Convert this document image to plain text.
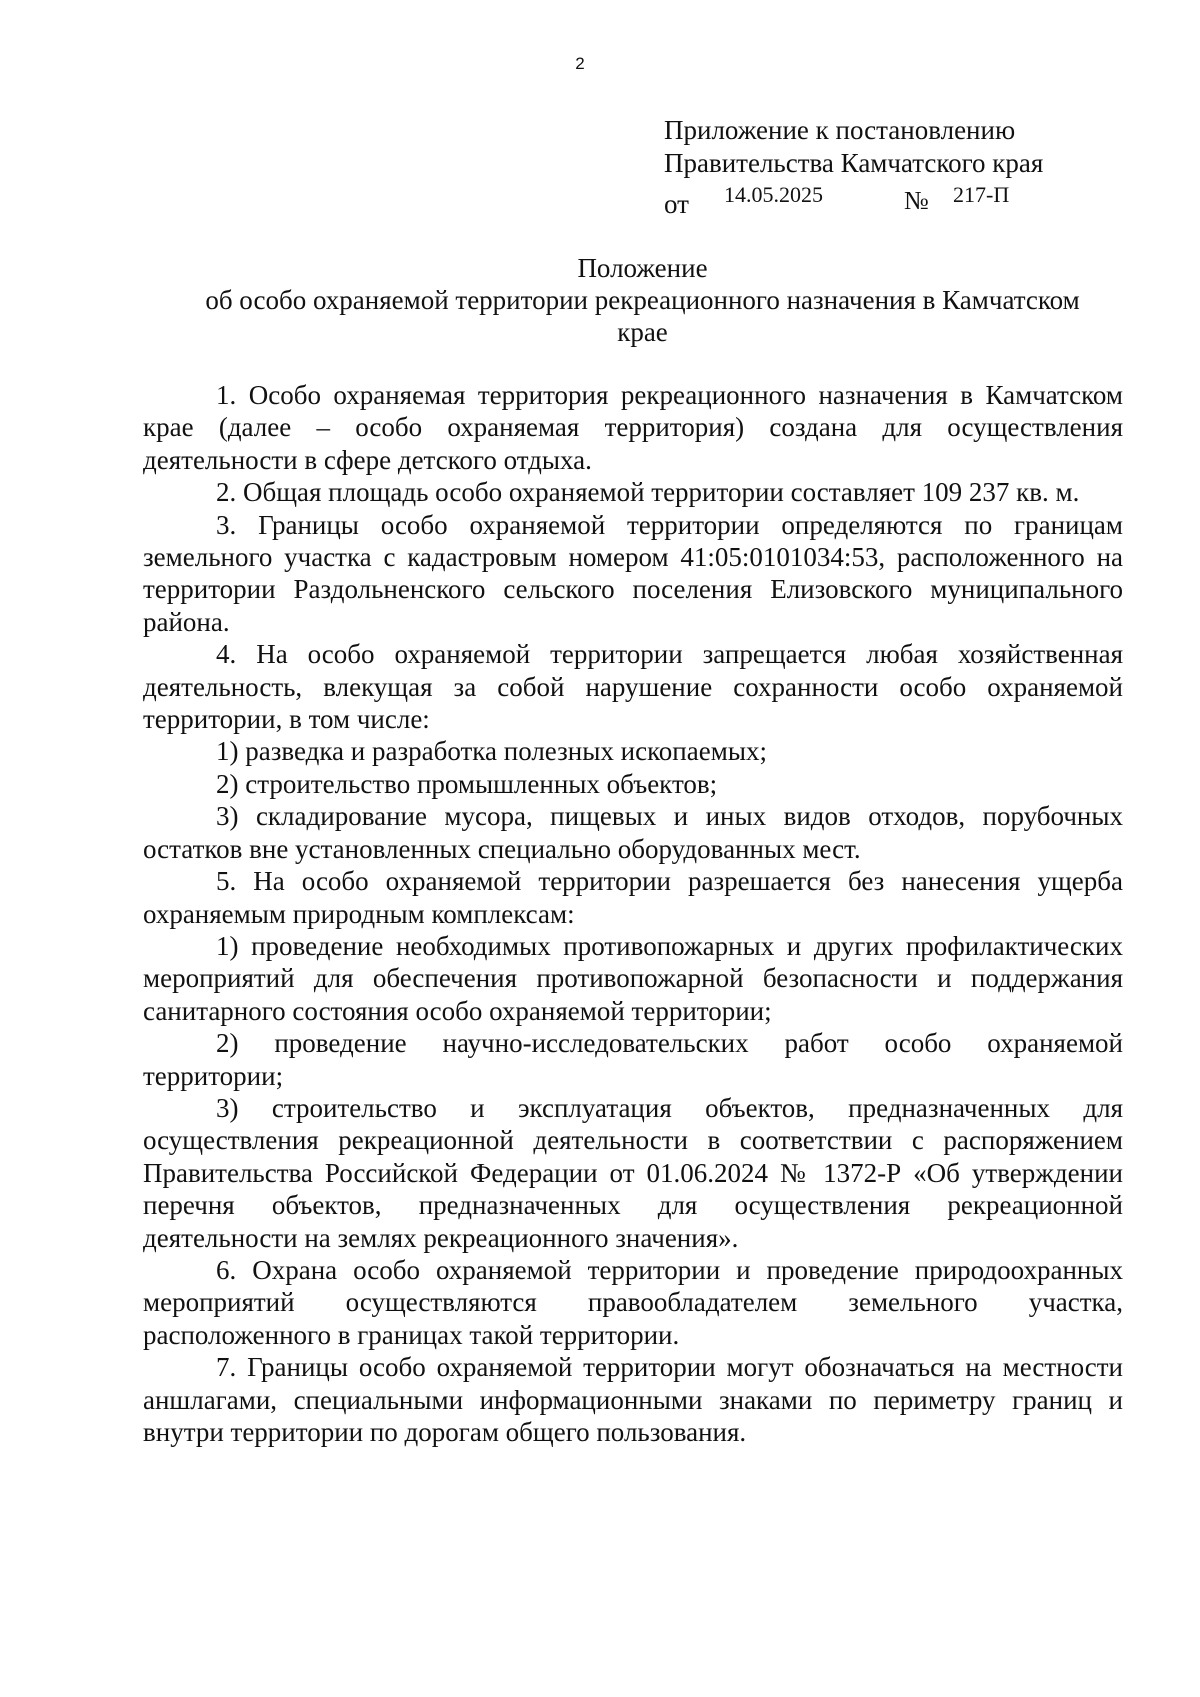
2
Приложение к постановлению
Правительства Камчатского края
от 14.05.2025	№ 217-П
Положение
об особо охраняемой территории рекреационного назначения в Камчатском крае

1. Особо охраняемая территория рекреационного назначения в Камчатском крае (далее – особо охраняемая территория) создана для осуществления деятельности в сфере детского отдыха.

2. Общая площадь особо охраняемой территории составляет 109 237 кв. м.

3. Границы особо охраняемой территории определяются по границам земельного участка с кадастровым номером 41:05:0101034:53, расположенного на территории Раздольненского сельского поселения Елизовского муниципального района.

4. На особо охраняемой территории запрещается любая хозяйственная деятельность, влекущая за собой нарушение сохранности особо охраняемой территории, в том числе:

1) разведка и разработка полезных ископаемых;

2) строительство промышленных объектов;

3) складирование мусора, пищевых и иных видов отходов, порубочных остатков вне установленных специально оборудованных мест.

5. На особо охраняемой территории разрешается без нанесения ущерба охраняемым природным комплексам:

1) проведение необходимых противопожарных и других профилактических мероприятий для обеспечения противопожарной безопасности и поддержания санитарного состояния особо охраняемой территории;

2) проведение научно-исследовательских работ особо охраняемой территории;

3) строительство и эксплуатация объектов, предназначенных для осуществления рекреационной деятельности в соответствии с распоряжением Правительства Российской Федерации от 01.06.2024 № 1372-Р «Об утверждении перечня объектов, предназначенных для осуществления рекреационной деятельности на землях рекреационного значения».

6. Охрана особо охраняемой территории и проведение природоохранных мероприятий осуществляются правообладателем земельного участка, расположенного в границах такой территории.

7. Границы особо охраняемой территории могут обозначаться на местности аншлагами, специальными информационными знаками по периметру границ и внутри территории по дорогам общего пользования.
